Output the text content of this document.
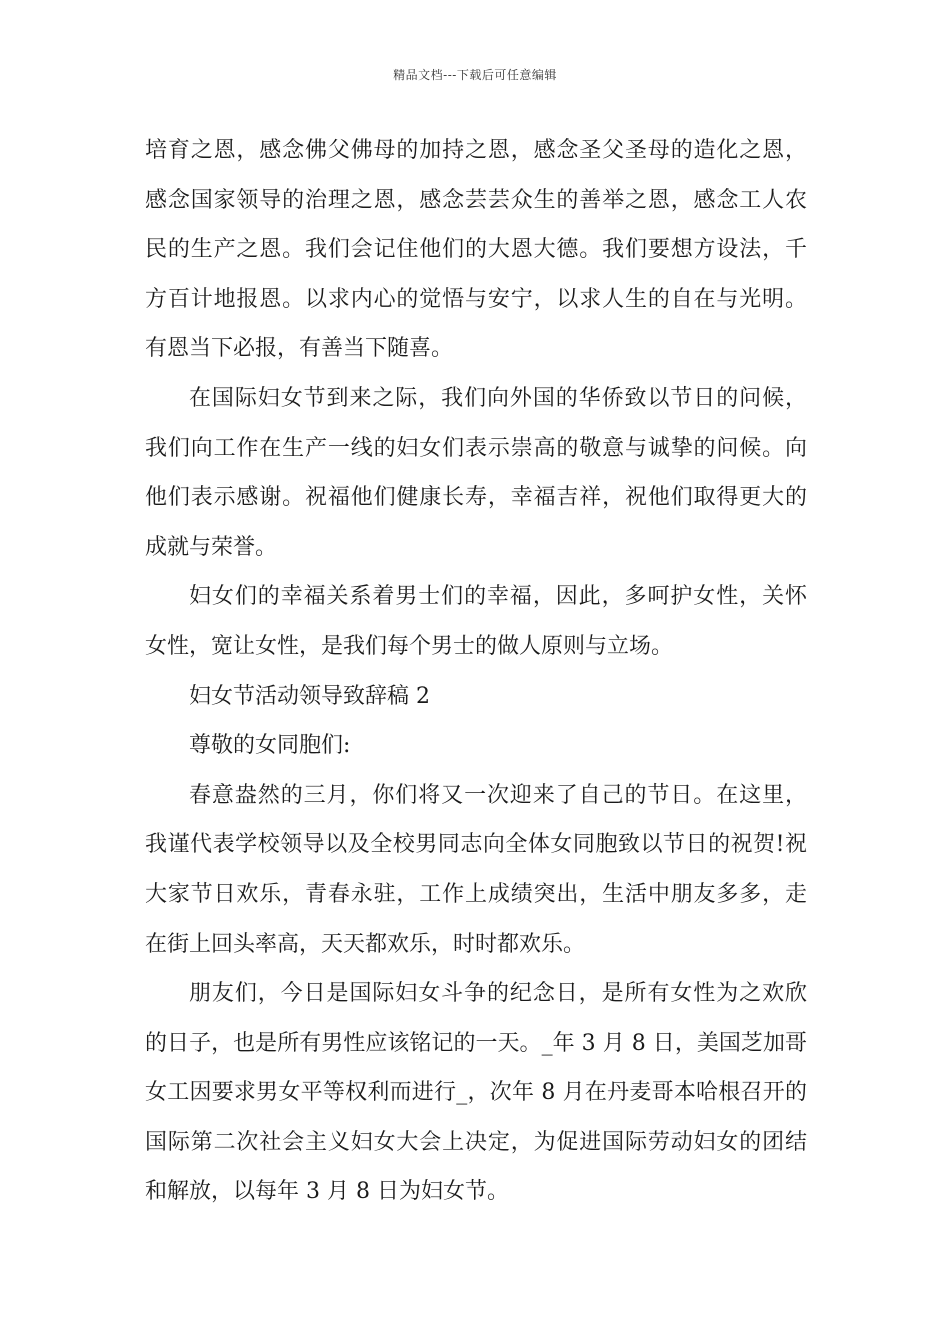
精品文档---下载后可任意编辑
培育之恩，感念佛父佛母的加持之恩，感念圣父圣母的造化之恩，
感念国家领导的治理之恩，感念芸芸众生的善举之恩，感念工人农
民的生产之恩。我们会记住他们的大恩大德。我们要想方设法，千
方百计地报恩。以求内心的觉悟与安宁，以求人生的自在与光明。
有恩当下必报，有善当下随喜。
在国际妇女节到来之际，我们向外国的华侨致以节日的问候，
我们向工作在生产一线的妇女们表示崇高的敬意与诚挚的问候。向
他们表示感谢。祝福他们健康长寿，幸福吉祥，祝他们取得更大的
成就与荣誉。
妇女们的幸福关系着男士们的幸福，因此，多呵护女性，关怀
女性，宽让女性，是我们每个男士的做人原则与立场。
妇女节活动领导致辞稿 2
尊敬的女同胞们:
春意盎然的三月，你们将又一次迎来了自己的节日。在这里，
我谨代表学校领导以及全校男同志向全体女同胞致以节日的祝贺!祝
大家节日欢乐，青春永驻，工作上成绩突出，生活中朋友多多，走
在街上回头率高，天天都欢乐，时时都欢乐。
朋友们，今日是国际妇女斗争的纪念日，是所有女性为之欢欣
的日子，也是所有男性应该铭记的一天。_年 3 月 8 日，美国芝加哥
女工因要求男女平等权利而进行_，次年 8 月在丹麦哥本哈根召开的
国际第二次社会主义妇女大会上决定，为促进国际劳动妇女的团结
和解放，以每年 3 月 8 日为妇女节。
